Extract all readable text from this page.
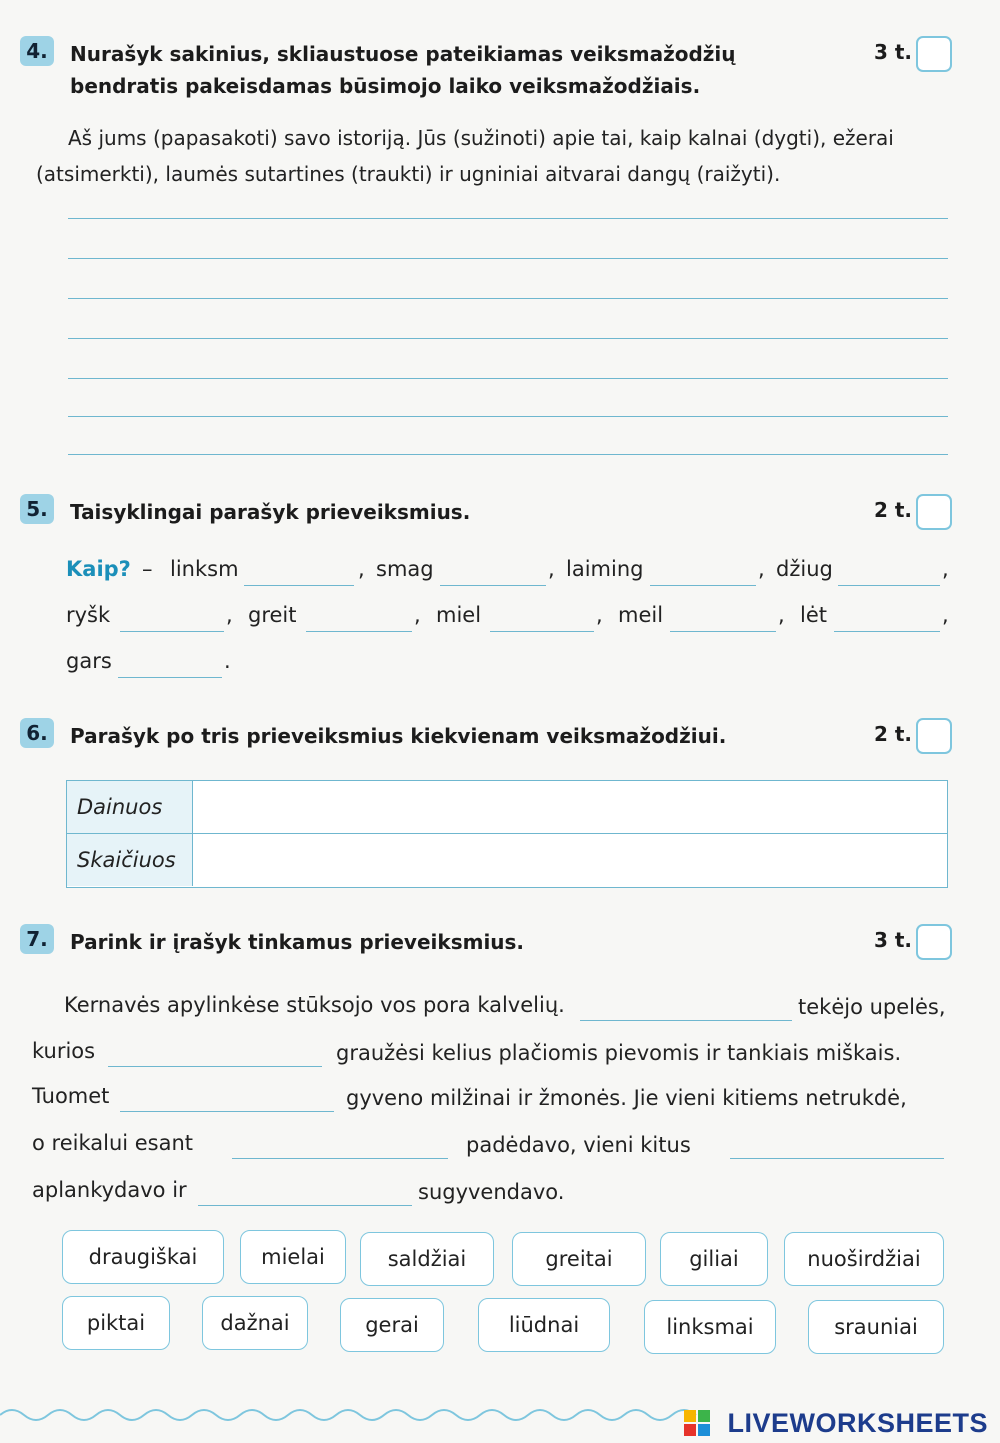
4.	Nurašyk sakinius, skliaustuose pateikiamas veiksmažodžių bendratis pakeisdamas būsimojo laiko veiksmažodžiais.
3 t.
Aš jums (papasakoti) savo istoriją. Jūs (sužinoti) apie tai, kaip kalnai (dygti), ežerai
(atsimerkti), laumės sutartines (traukti) ir ugniniai aitvarai dangų (raižyti).
5.	Taisyklingai parašyk prieveiksmius.	2 t.
Kaip? – linksm	, smag	, laiming	, džiug	,
ryšk	, greit	, miel	, meil	, lėt	,
gars	.
6.	Parašyk po tris prieveiksmius kiekvienam veiksmažodžiui.	2 t.
Dainuos
Skaičiuos
7.	Parink ir įrašyk tinkamus prieveiksmius.	3 t.
Kernavės apylinkėse stūksojo vos pora kalvelių.	tekėjo upelės,
kurios	graužėsi kelius plačiomis pievomis ir tankiais miškais.
Tuomet	gyveno milžinai ir žmonės. Jie vieni kitiems netrukdė,
o reikalui esant	padėdavo, vieni kitus
aplankydavo ir	sugyvendavo.
draugiškai	mielai	saldžiai	greitai	giliai	nuoširdžiai
piktai	dažnai	gerai	liūdnai	linksmai	srauniai
LIVEWORKSHEETS
